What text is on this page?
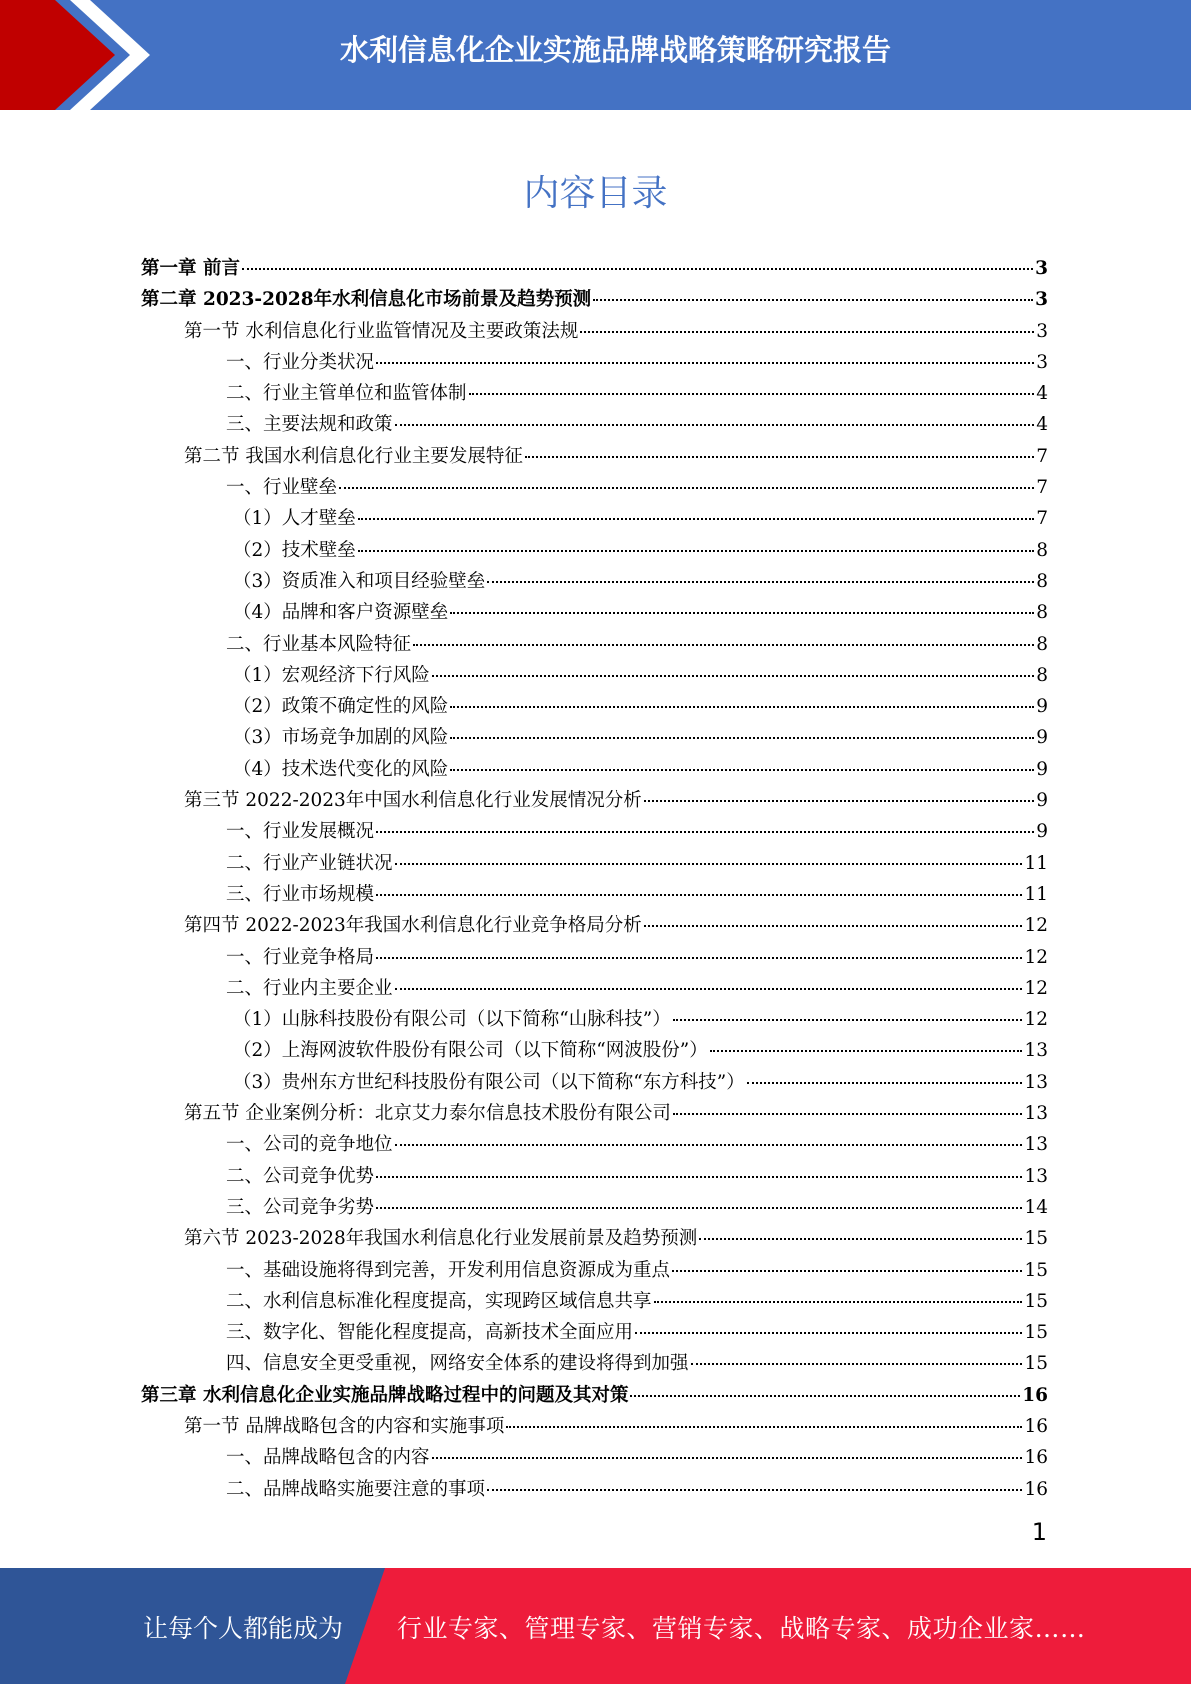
水利信息化企业实施品牌战略策略研究报告
内容目录
第一章 前言	3
第二章 2023-2028年水利信息化市场前景及趋势预测	3
第一节 水利信息化行业监管情况及主要政策法规	3
一、行业分类状况	3
二、行业主管单位和监管体制	4
三、主要法规和政策	4
第二节 我国水利信息化行业主要发展特征	7
一、行业壁垒	7
（1）人才壁垒	7
（2）技术壁垒	8
（3）资质准入和项目经验壁垒	8
（4）品牌和客户资源壁垒	8
二、行业基本风险特征	8
（1）宏观经济下行风险	8
（2）政策不确定性的风险	9
（3）市场竞争加剧的风险	9
（4）技术迭代变化的风险	9
第三节 2022-2023年中国水利信息化行业发展情况分析	9
一、行业发展概况	9
二、行业产业链状况	11
三、行业市场规模	11
第四节 2022-2023年我国水利信息化行业竞争格局分析	12
一、行业竞争格局	12
二、行业内主要企业	12
（1）山脉科技股份有限公司（以下简称“山脉科技”）	12
（2）上海网波软件股份有限公司（以下简称“网波股份”）	13
（3）贵州东方世纪科技股份有限公司（以下简称“东方科技”）	13
第五节 企业案例分析：北京艾力泰尔信息技术股份有限公司	13
一、公司的竞争地位	13
二、公司竞争优势	13
三、公司竞争劣势	14
第六节 2023-2028年我国水利信息化行业发展前景及趋势预测	15
一、基础设施将得到完善，开发利用信息资源成为重点	15
二、水利信息标准化程度提高，实现跨区域信息共享	15
三、数字化、智能化程度提高，高新技术全面应用	15
四、信息安全更受重视，网络安全体系的建设将得到加强	15
第三章 水利信息化企业实施品牌战略过程中的问题及其对策	16
第一节 品牌战略包含的内容和实施事项	16
一、品牌战略包含的内容	16
二、品牌战略实施要注意的事项	16
1
让每个人都能成为 行业专家、管理专家、营销专家、战略专家、成功企业家……
